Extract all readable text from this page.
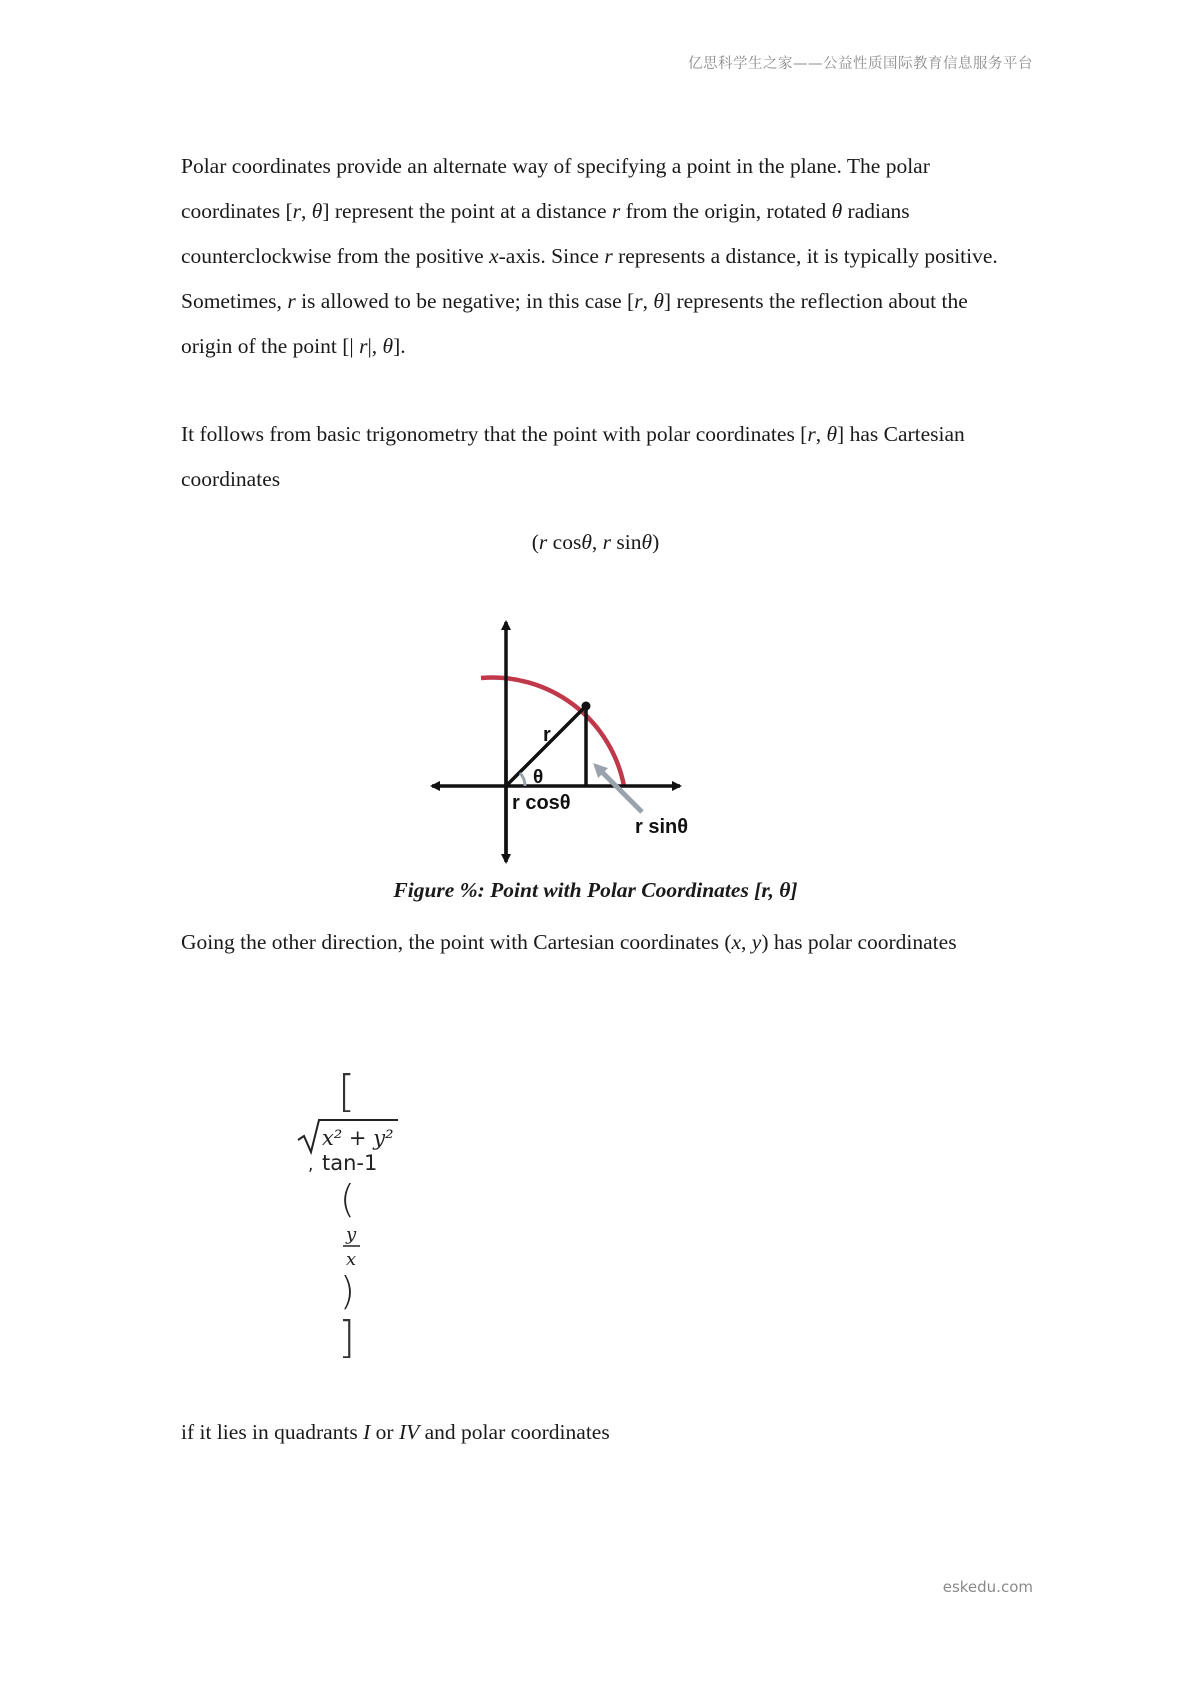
亿思科学生之家——公益性质国际教育信息服务平台

Polar coordinates provide an alternate way of specifying a point in the plane. The polar coordinates [r, θ] represent the point at a distance r from the origin, rotated θ radians counterclockwise from the positive x-axis. Since r represents a distance, it is typically positive. Sometimes, r is allowed to be negative; in this case [r, θ] represents the reflection about the origin of the point [| r|, θ].

It follows from basic trigonometry that the point with polar coordinates [r, θ] has Cartesian coordinates

(r cosθ, r sinθ)
r
θ
r cosθ
r sinθ
Figure %: Point with Polar Coordinates [r, θ]

Going the other direction, the point with Cartesian coordinates (x, y) has polar coordinates

[
x² + y²
, tan-1
(
y
x
)
]

if it lies in quadrants I or IV and polar coordinates

eskedu.com
